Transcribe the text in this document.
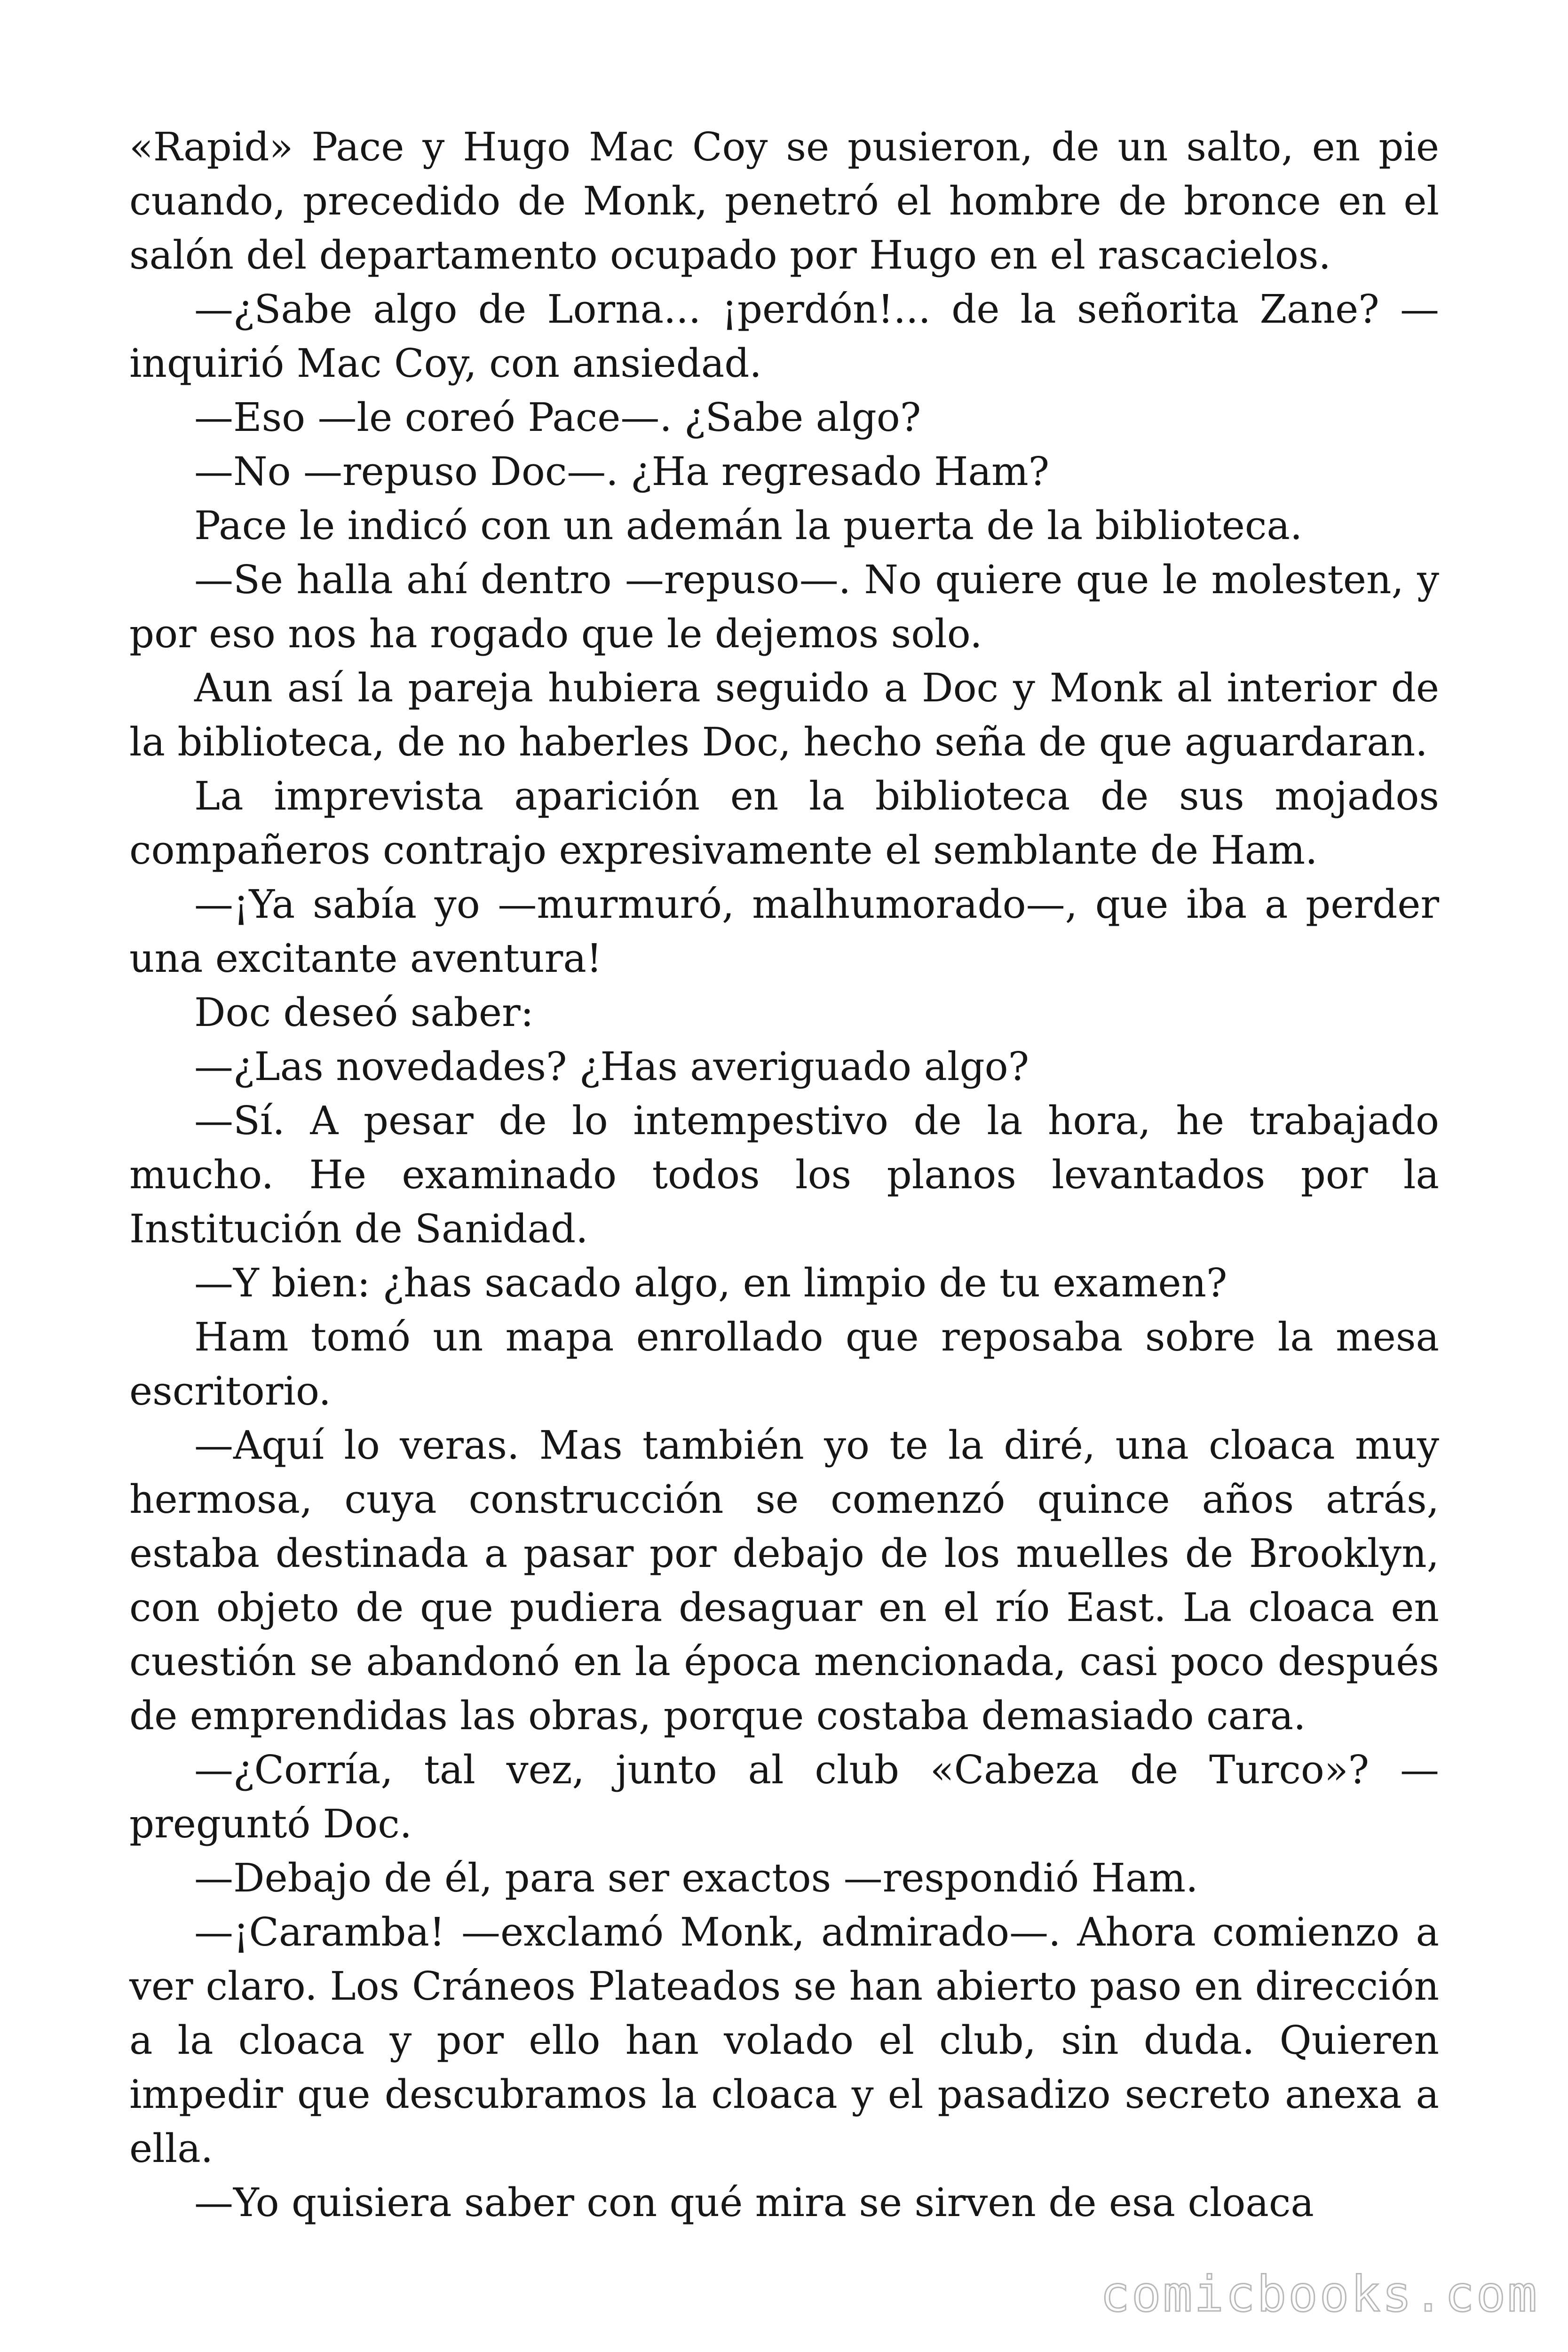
«Rapid» Pace y Hugo Mac Coy se pusieron, de un salto, en pie cuando, precedido de Monk, penetró el hombre de bronce en el salón del departamento ocupado por Hugo en el rascacielos.

—¿Sabe algo de Lorna... ¡perdón!... de la señorita Zane? —inquirió Mac Coy, con ansiedad.

—Eso —le coreó Pace—. ¿Sabe algo?

—No —repuso Doc—. ¿Ha regresado Ham?

Pace le indicó con un ademán la puerta de la biblioteca.

—Se halla ahí dentro —repuso—. No quiere que le molesten, y por eso nos ha rogado que le dejemos solo.

Aun así la pareja hubiera seguido a Doc y Monk al interior de la biblioteca, de no haberles Doc, hecho seña de que aguardaran.

La imprevista aparición en la biblioteca de sus mojados compañeros contrajo expresivamente el semblante de Ham.

—¡Ya sabía yo —murmuró, malhumorado—, que iba a perder una excitante aventura!

Doc deseó saber:

—¿Las novedades? ¿Has averiguado algo?

—Sí. A pesar de lo intempestivo de la hora, he trabajado mucho. He examinado todos los planos levantados por la Institución de Sanidad.

—Y bien: ¿has sacado algo, en limpio de tu examen?

Ham tomó un mapa enrollado que reposaba sobre la mesa escritorio.

—Aquí lo veras. Mas también yo te la diré, una cloaca muy hermosa, cuya construcción se comenzó quince años atrás, estaba destinada a pasar por debajo de los muelles de Brooklyn, con objeto de que pudiera desaguar en el río East. La cloaca en cuestión se abandonó en la época mencionada, casi poco después de emprendidas las obras, porque costaba demasiado cara.

—¿Corría, tal vez, junto al club «Cabeza de Turco»? —preguntó Doc.

—Debajo de él, para ser exactos —respondió Ham.

—¡Caramba! —exclamó Monk, admirado—. Ahora comienzo a ver claro. Los Cráneos Plateados se han abierto paso en dirección a la cloaca y por ello han volado el club, sin duda. Quieren impedir que descubramos la cloaca y el pasadizo secreto anexa a ella.

—Yo quisiera saber con qué mira se sirven de esa cloaca

comicbooks.com
